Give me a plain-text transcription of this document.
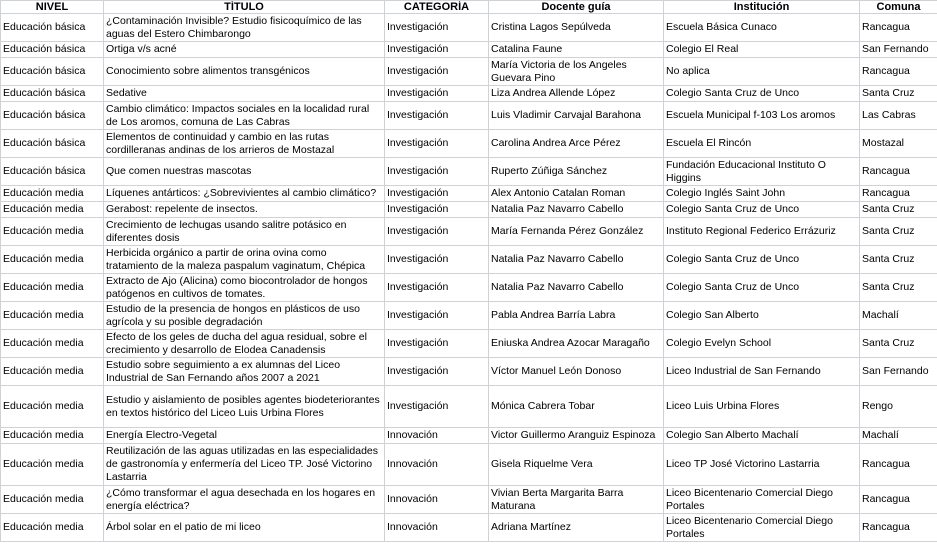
NIVEL	TÍTULO	CATEGORÍA	Docente guía	Institución	Comuna
Educación básica	¿Contaminación Invisible? Estudio fisicoquímico de las aguas del Estero Chimbarongo	Investigación	Cristina Lagos Sepúlveda	Escuela Básica Cunaco	Rancagua
Educación básica	Ortiga v/s acné	Investigación	Catalina Faune	Colegio El Real	San Fernando
Educación básica	Conocimiento sobre alimentos transgénicos	Investigación	María Victoria de los Angeles Guevara Pino	No aplica	Rancagua
Educación básica	Sedative	Investigación	Liza Andrea Allende López	Colegio Santa Cruz de Unco	Santa Cruz
Educación básica	Cambio climático: Impactos sociales en la localidad rural de Los aromos, comuna de Las Cabras	Investigación	Luis Vladimir Carvajal Barahona	Escuela Municipal f-103 Los aromos	Las Cabras
Educación básica	Elementos de continuidad y cambio en las rutas cordilleranas andinas de los arrieros de Mostazal	Investigación	Carolina Andrea Arce Pérez	Escuela El Rincón	Mostazal
Educación básica	Que comen nuestras mascotas	Investigación	Ruperto Zúñiga Sánchez	Fundación Educacional Instituto O Higgins	Rancagua
Educación media	Líquenes antárticos: ¿Sobrevivientes al cambio climático?	Investigación	Alex Antonio Catalan Roman	Colegio Inglés Saint John	Rancagua
Educación media	Gerabost: repelente de insectos.	Investigación	Natalia Paz Navarro Cabello	Colegio Santa Cruz de Unco	Santa Cruz
Educación media	Crecimiento de lechugas usando salitre potásico en diferentes dosis	Investigación	María Fernanda Pérez González	Instituto Regional Federico Errázuriz	Santa Cruz
Educación media	Herbicida orgánico a partir de orina ovina como tratamiento de la maleza paspalum vaginatum, Chépica	Investigación	Natalia Paz Navarro Cabello	Colegio Santa Cruz de Unco	Santa Cruz
Educación media	Extracto de Ajo (Alicina) como biocontrolador de hongos patógenos en cultivos de tomates.	Investigación	Natalia Paz Navarro Cabello	Colegio Santa Cruz de Unco	Santa Cruz
Educación media	Estudio de la presencia de hongos en plásticos de uso agrícola y su posible degradación	Investigación	Pabla Andrea Barría Labra	Colegio San Alberto	Machalí
Educación media	Efecto de los geles de ducha del agua residual, sobre el crecimiento y desarrollo de Elodea Canadensis	Investigación	Eniuska Andrea Azocar Maragaño	Colegio Evelyn School	Santa Cruz
Educación media	Estudio sobre seguimiento a ex alumnas del Liceo Industrial de San Fernando años 2007 a 2021	Investigación	Víctor Manuel León Donoso	Liceo Industrial de San Fernando	San Fernando
Educación media	Estudio y aislamiento de posibles agentes biodeteriorantes en textos histórico del Liceo Luis Urbina Flores	Investigación	Mónica Cabrera Tobar	Liceo Luis Urbina Flores	Rengo
Educación media	Energía Electro-Vegetal	Innovación	Victor Guillermo Aranguiz Espinoza	Colegio San Alberto Machalí	Machalí
Educación media	Reutilización de las aguas utilizadas en las especialidades de gastronomía y enfermería del Liceo TP. José Victorino Lastarria	Innovación	Gisela Riquelme Vera	Liceo TP José Victorino Lastarria	Rancagua
Educación media	¿Cómo transformar el agua desechada en los hogares en energía eléctrica?	Innovación	Vivian Berta Margarita Barra Maturana	Liceo Bicentenario Comercial Diego Portales	Rancagua
Educación media	Árbol solar en el patio de mi liceo	Innovación	Adriana Martínez	Liceo Bicentenario Comercial Diego Portales	Rancagua
